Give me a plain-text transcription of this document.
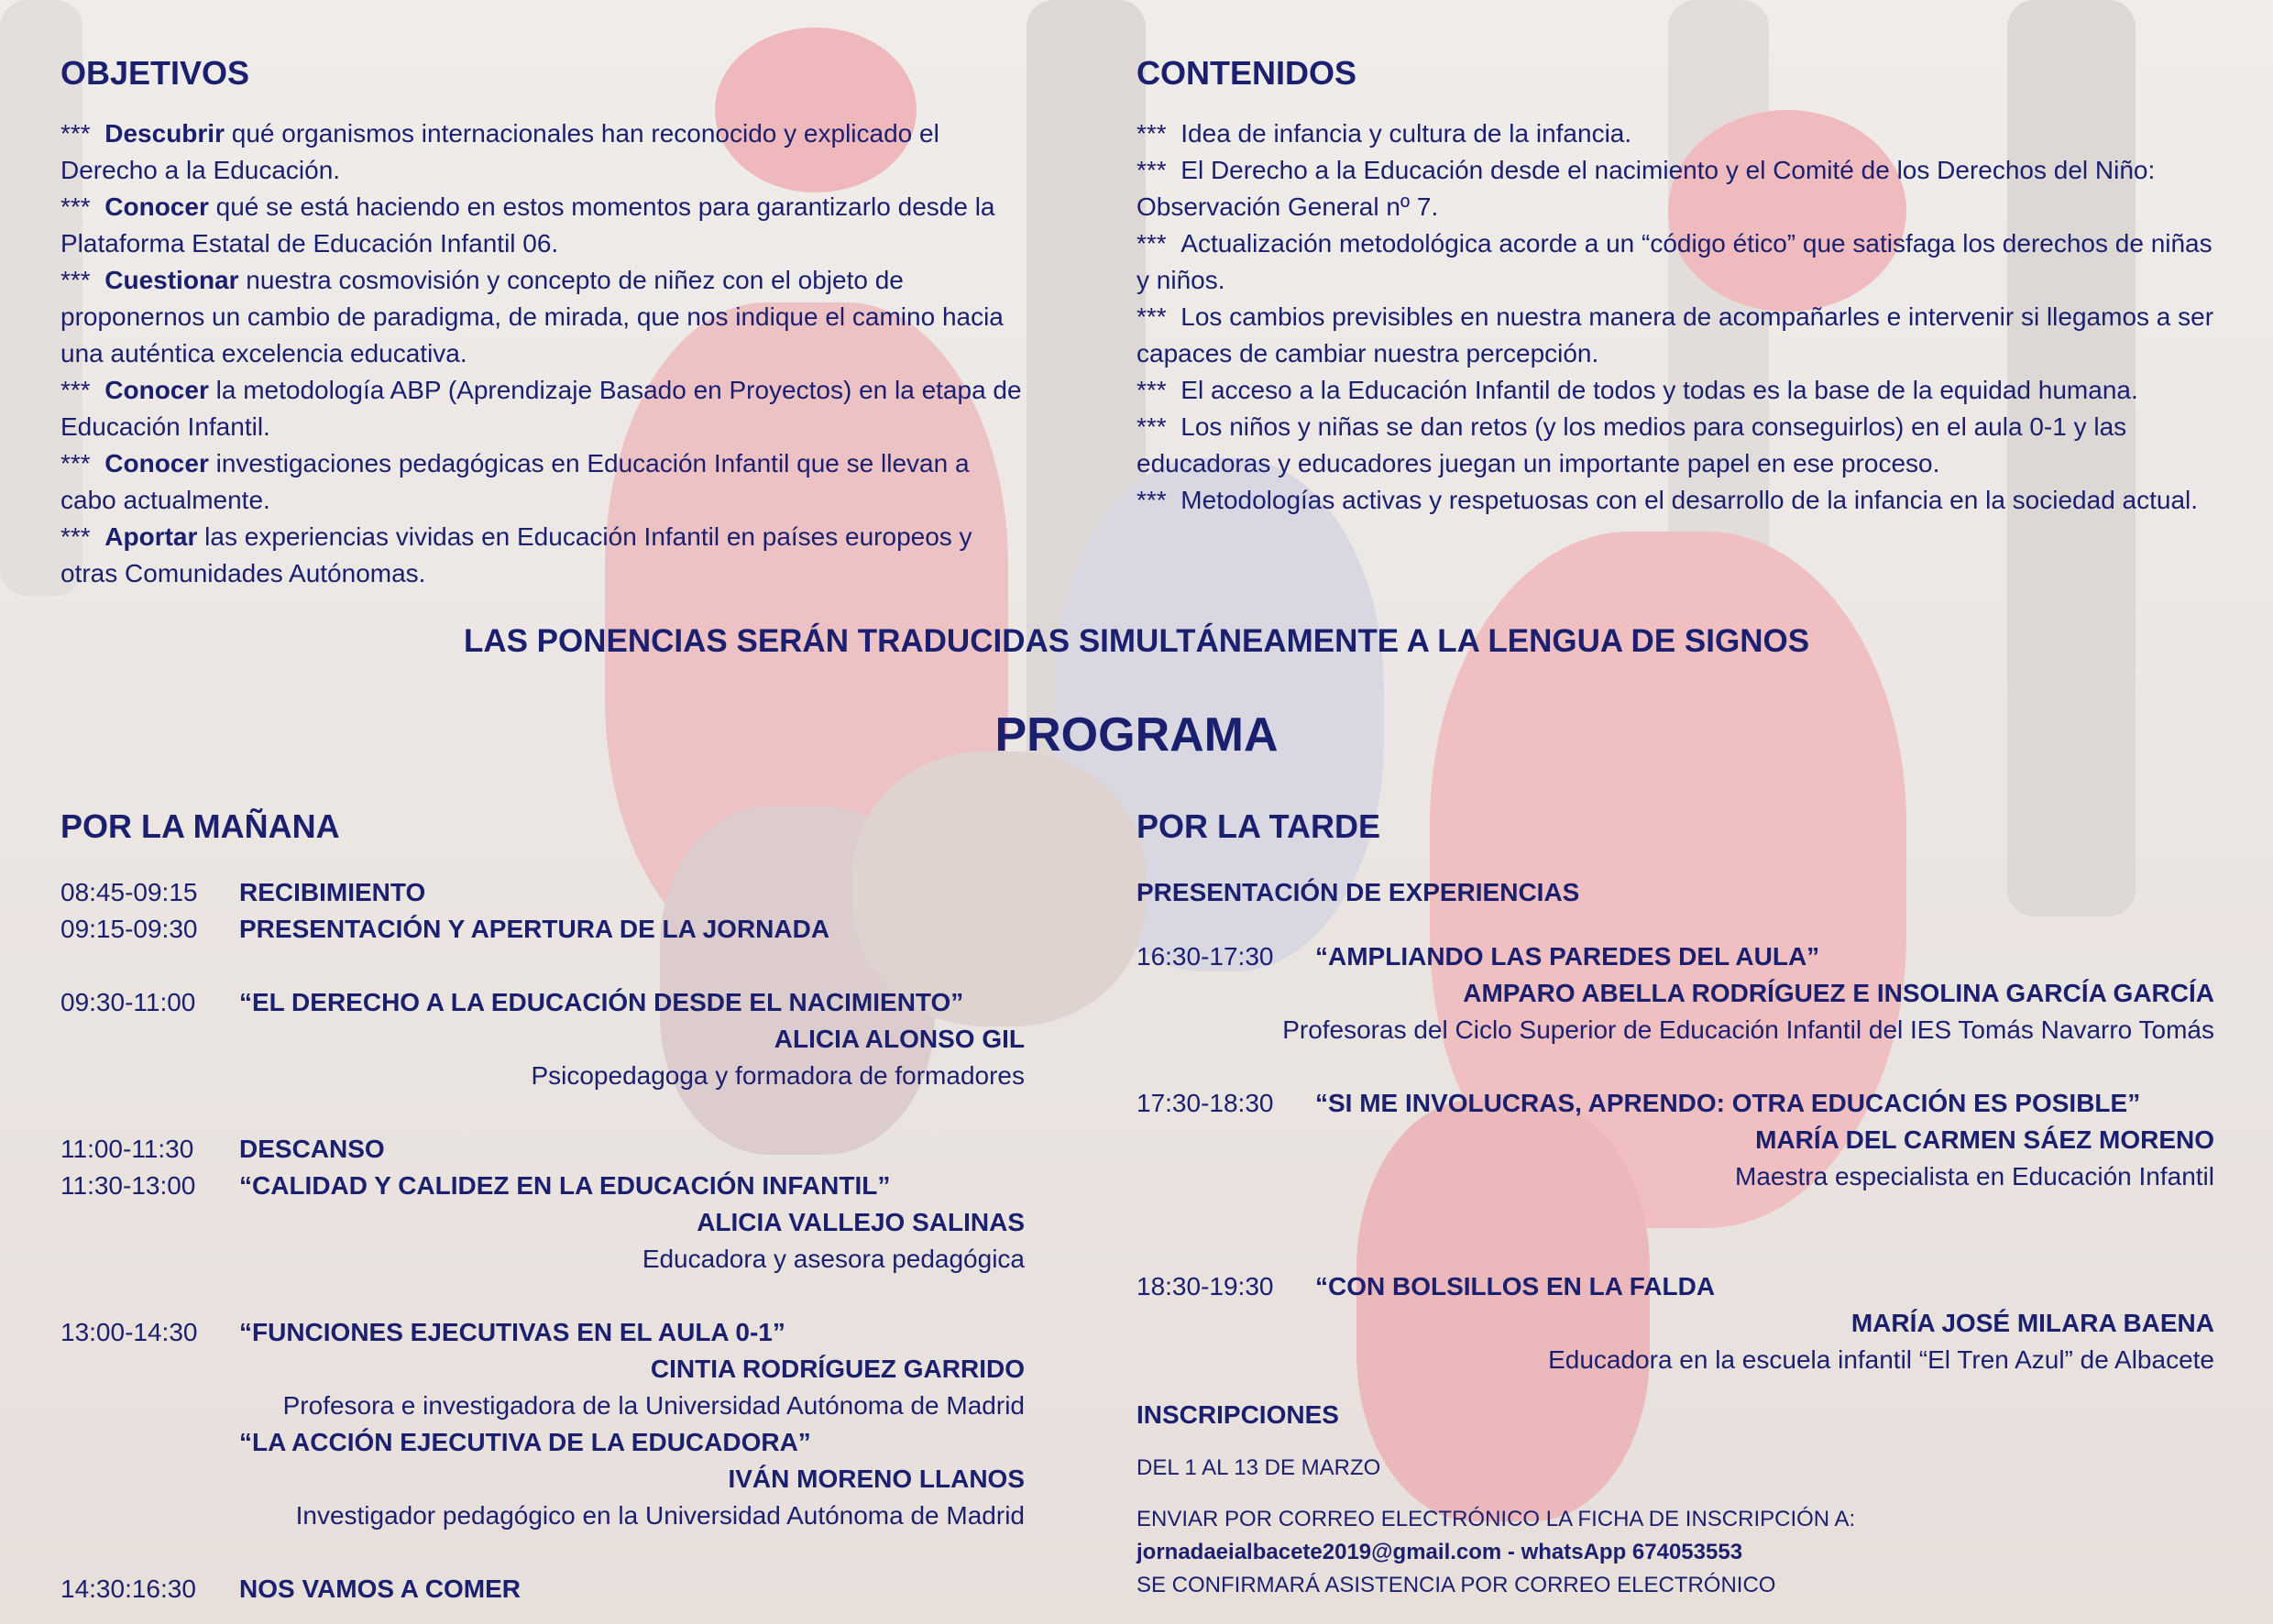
OBJETIVOS

*** Descubrir qué organismos internacionales han reconocido y explicado el Derecho a la Educación.

*** Conocer qué se está haciendo en estos momentos para garantizarlo desde la Plataforma Estatal de Educación Infantil 06.

*** Cuestionar nuestra cosmovisión y concepto de niñez con el objeto de proponernos un cambio de paradigma, de mirada, que nos indique el camino hacia una auténtica excelencia educativa.

*** Conocer la metodología ABP (Aprendizaje Basado en Proyectos) en la etapa de Educación Infantil.

*** Conocer investigaciones pedagógicas en Educación Infantil que se llevan a cabo actualmente.

*** Aportar las experiencias vividas en Educación Infantil en países europeos y otras Comunidades Autónomas.

CONTENIDOS

*** Idea de infancia y cultura de la infancia.

*** El Derecho a la Educación desde el nacimiento y el Comité de los Derechos del Niño: Observación General nº 7.

*** Actualización metodológica acorde a un “código ético” que satisfaga los derechos de niñas y niños.

*** Los cambios previsibles en nuestra manera de acompañarles e intervenir si llegamos a ser capaces de cambiar nuestra percepción.

*** El acceso a la Educación Infantil de todos y todas es la base de la equidad humana.

*** Los niños y niñas se dan retos (y los medios para conseguirlos) en el aula 0-1 y las educadoras y educadores juegan un importante papel en ese proceso.

*** Metodologías activas y respetuosas con el desarrollo de la infancia en la sociedad actual.

LAS PONENCIAS SERÁN TRADUCIDAS SIMULTÁNEAMENTE A LA LENGUA DE SIGNOS
PROGRAMA
POR LA MAÑANA
08:45-09:15	RECIBIMIENTO
09:15-09:30	PRESENTACIÓN Y APERTURA DE LA JORNADA
09:30-11:00	“EL DERECHO A LA EDUCACIÓN DESDE EL NACIMIENTO”
ALICIA ALONSO GIL
Psicopedagoga y formadora de formadores
11:00-11:30	DESCANSO
11:30-13:00	“CALIDAD Y CALIDEZ EN LA EDUCACIÓN INFANTIL”
ALICIA VALLEJO SALINAS
Educadora y asesora pedagógica
13:00-14:30	“FUNCIONES EJECUTIVAS EN EL AULA 0-1”
CINTIA RODRÍGUEZ GARRIDO
Profesora e investigadora de la Universidad Autónoma de Madrid
“LA ACCIÓN EJECUTIVA DE LA EDUCADORA”
IVÁN MORENO LLANOS
Investigador pedagógico en la Universidad Autónoma de Madrid
14:30:16:30	NOS VAMOS A COMER
POR LA TARDE
PRESENTACIÓN DE EXPERIENCIAS
16:30-17:30	“AMPLIANDO LAS PAREDES DEL AULA”
AMPARO ABELLA RODRÍGUEZ E INSOLINA GARCÍA GARCÍA
Profesoras del Ciclo Superior de Educación Infantil del IES Tomás Navarro Tomás
17:30-18:30	“SI ME INVOLUCRAS, APRENDO: OTRA EDUCACIÓN ES POSIBLE”
MARÍA DEL CARMEN SÁEZ MORENO
Maestra especialista en Educación Infantil
18:30-19:30	“CON BOLSILLOS EN LA FALDA
MARÍA JOSÉ MILARA BAENA
Educadora en la escuela infantil “El Tren Azul” de Albacete
INSCRIPCIONES
DEL 1 AL 13 DE MARZO
ENVIAR POR CORREO ELECTRÓNICO LA FICHA DE INSCRIPCIÓN A:
jornadaeialbacete2019@gmail.com - whatsApp 674053553
SE CONFIRMARÁ ASISTENCIA POR CORREO ELECTRÓNICO
